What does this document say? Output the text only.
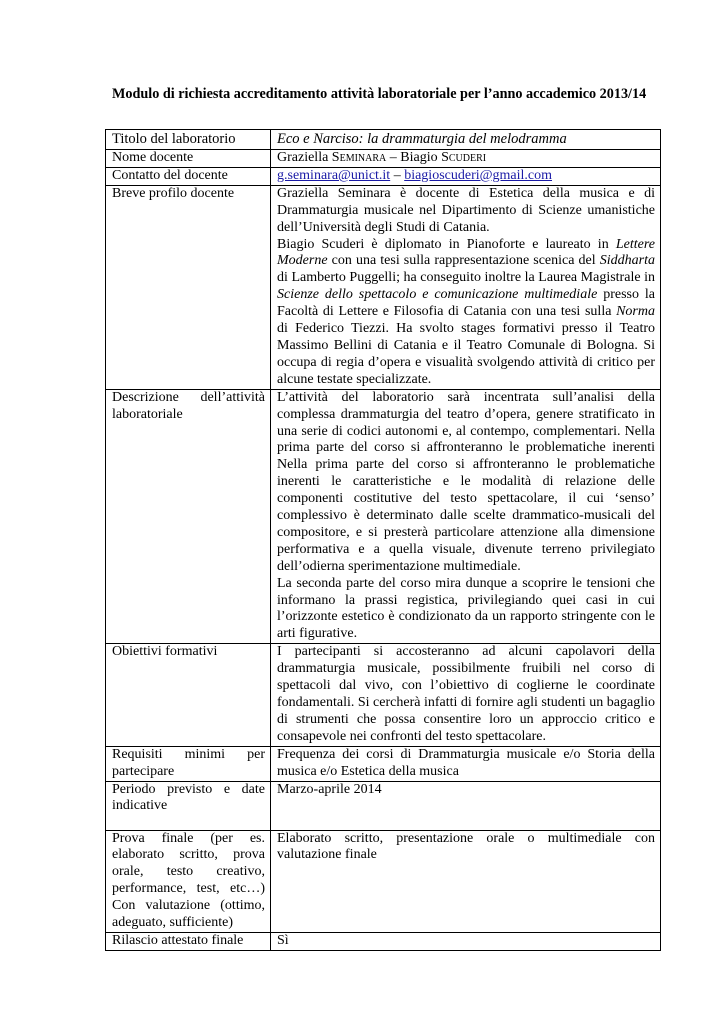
Modulo di richiesta accreditamento attività laboratoriale per l’anno accademico 2013/14
Titolo del laboratorio	Eco e Narciso: la drammaturgia del melodramma
Nome docente	Graziella Seminara – Biagio Scuderi
Contatto del docente	g.seminara@unict.it – biagioscuderi@gmail.com
Breve profilo docente	Graziella Seminara è docente di Estetica della musica e di Drammaturgia musicale nel Dipartimento di Scienze umanistiche dell’Università degli Studi di Catania.
Biagio Scuderi è diplomato in Pianoforte e laureato in Lettere Moderne con una tesi sulla rappresentazione scenica del Siddharta di Lamberto Puggelli; ha conseguito inoltre la Laurea Magistrale in Scienze dello spettacolo e comunicazione multimediale presso la Facoltà di Lettere e Filosofia di Catania con una tesi sulla Norma di Federico Tiezzi. Ha svolto stages formativi presso il Teatro Massimo Bellini di Catania e il Teatro Comunale di Bologna. Si occupa di regia d’opera e visualità svolgendo attività di critico per alcune testate specializzate.

Descrizione dell’attività laboratoriale	L’attività del laboratorio sarà incentrata sull’analisi della complessa drammaturgia del teatro d’opera, genere stratificato in una serie di codici autonomi e, al contempo, complementari. Nella prima parte del corso si affronteranno le problematiche inerenti Nella prima parte del corso si affronteranno le problematiche inerenti le caratteristiche e le modalità di relazione delle componenti costitutive del testo spettacolare, il cui ‘senso’ complessivo è determinato dalle scelte drammatico-musicali del compositore, e si presterà particolare attenzione alla dimensione performativa e a quella visuale, divenute terreno privilegiato dell’odierna sperimentazione multimediale.
La seconda parte del corso mira dunque a scoprire le tensioni che informano la prassi registica, privilegiando quei casi in cui l’orizzonte estetico è condizionato da un rapporto stringente con le arti figurative.

Obiettivi formativi	I partecipanti si accosteranno ad alcuni capolavori della drammaturgia musicale, possibilmente fruibili nel corso di spettacoli dal vivo, con l’obiettivo di coglierne le coordinate fondamentali. Si cercherà infatti di fornire agli studenti un bagaglio di strumenti che possa consentire loro un approccio critico e consapevole nei confronti del testo spettacolare.
Requisiti minimi per partecipare	Frequenza dei corsi di Drammaturgia musicale e/o Storia della musica e/o Estetica della musica
Periodo previsto e date indicative	Marzo-aprile 2014
Prova finale (per es. elaborato scritto, prova orale, testo creativo, performance, test, etc…) Con valutazione (ottimo, adeguato, sufficiente)	Elaborato scritto, presentazione orale o multimediale con valutazione finale
Rilascio attestato finale	Sì
